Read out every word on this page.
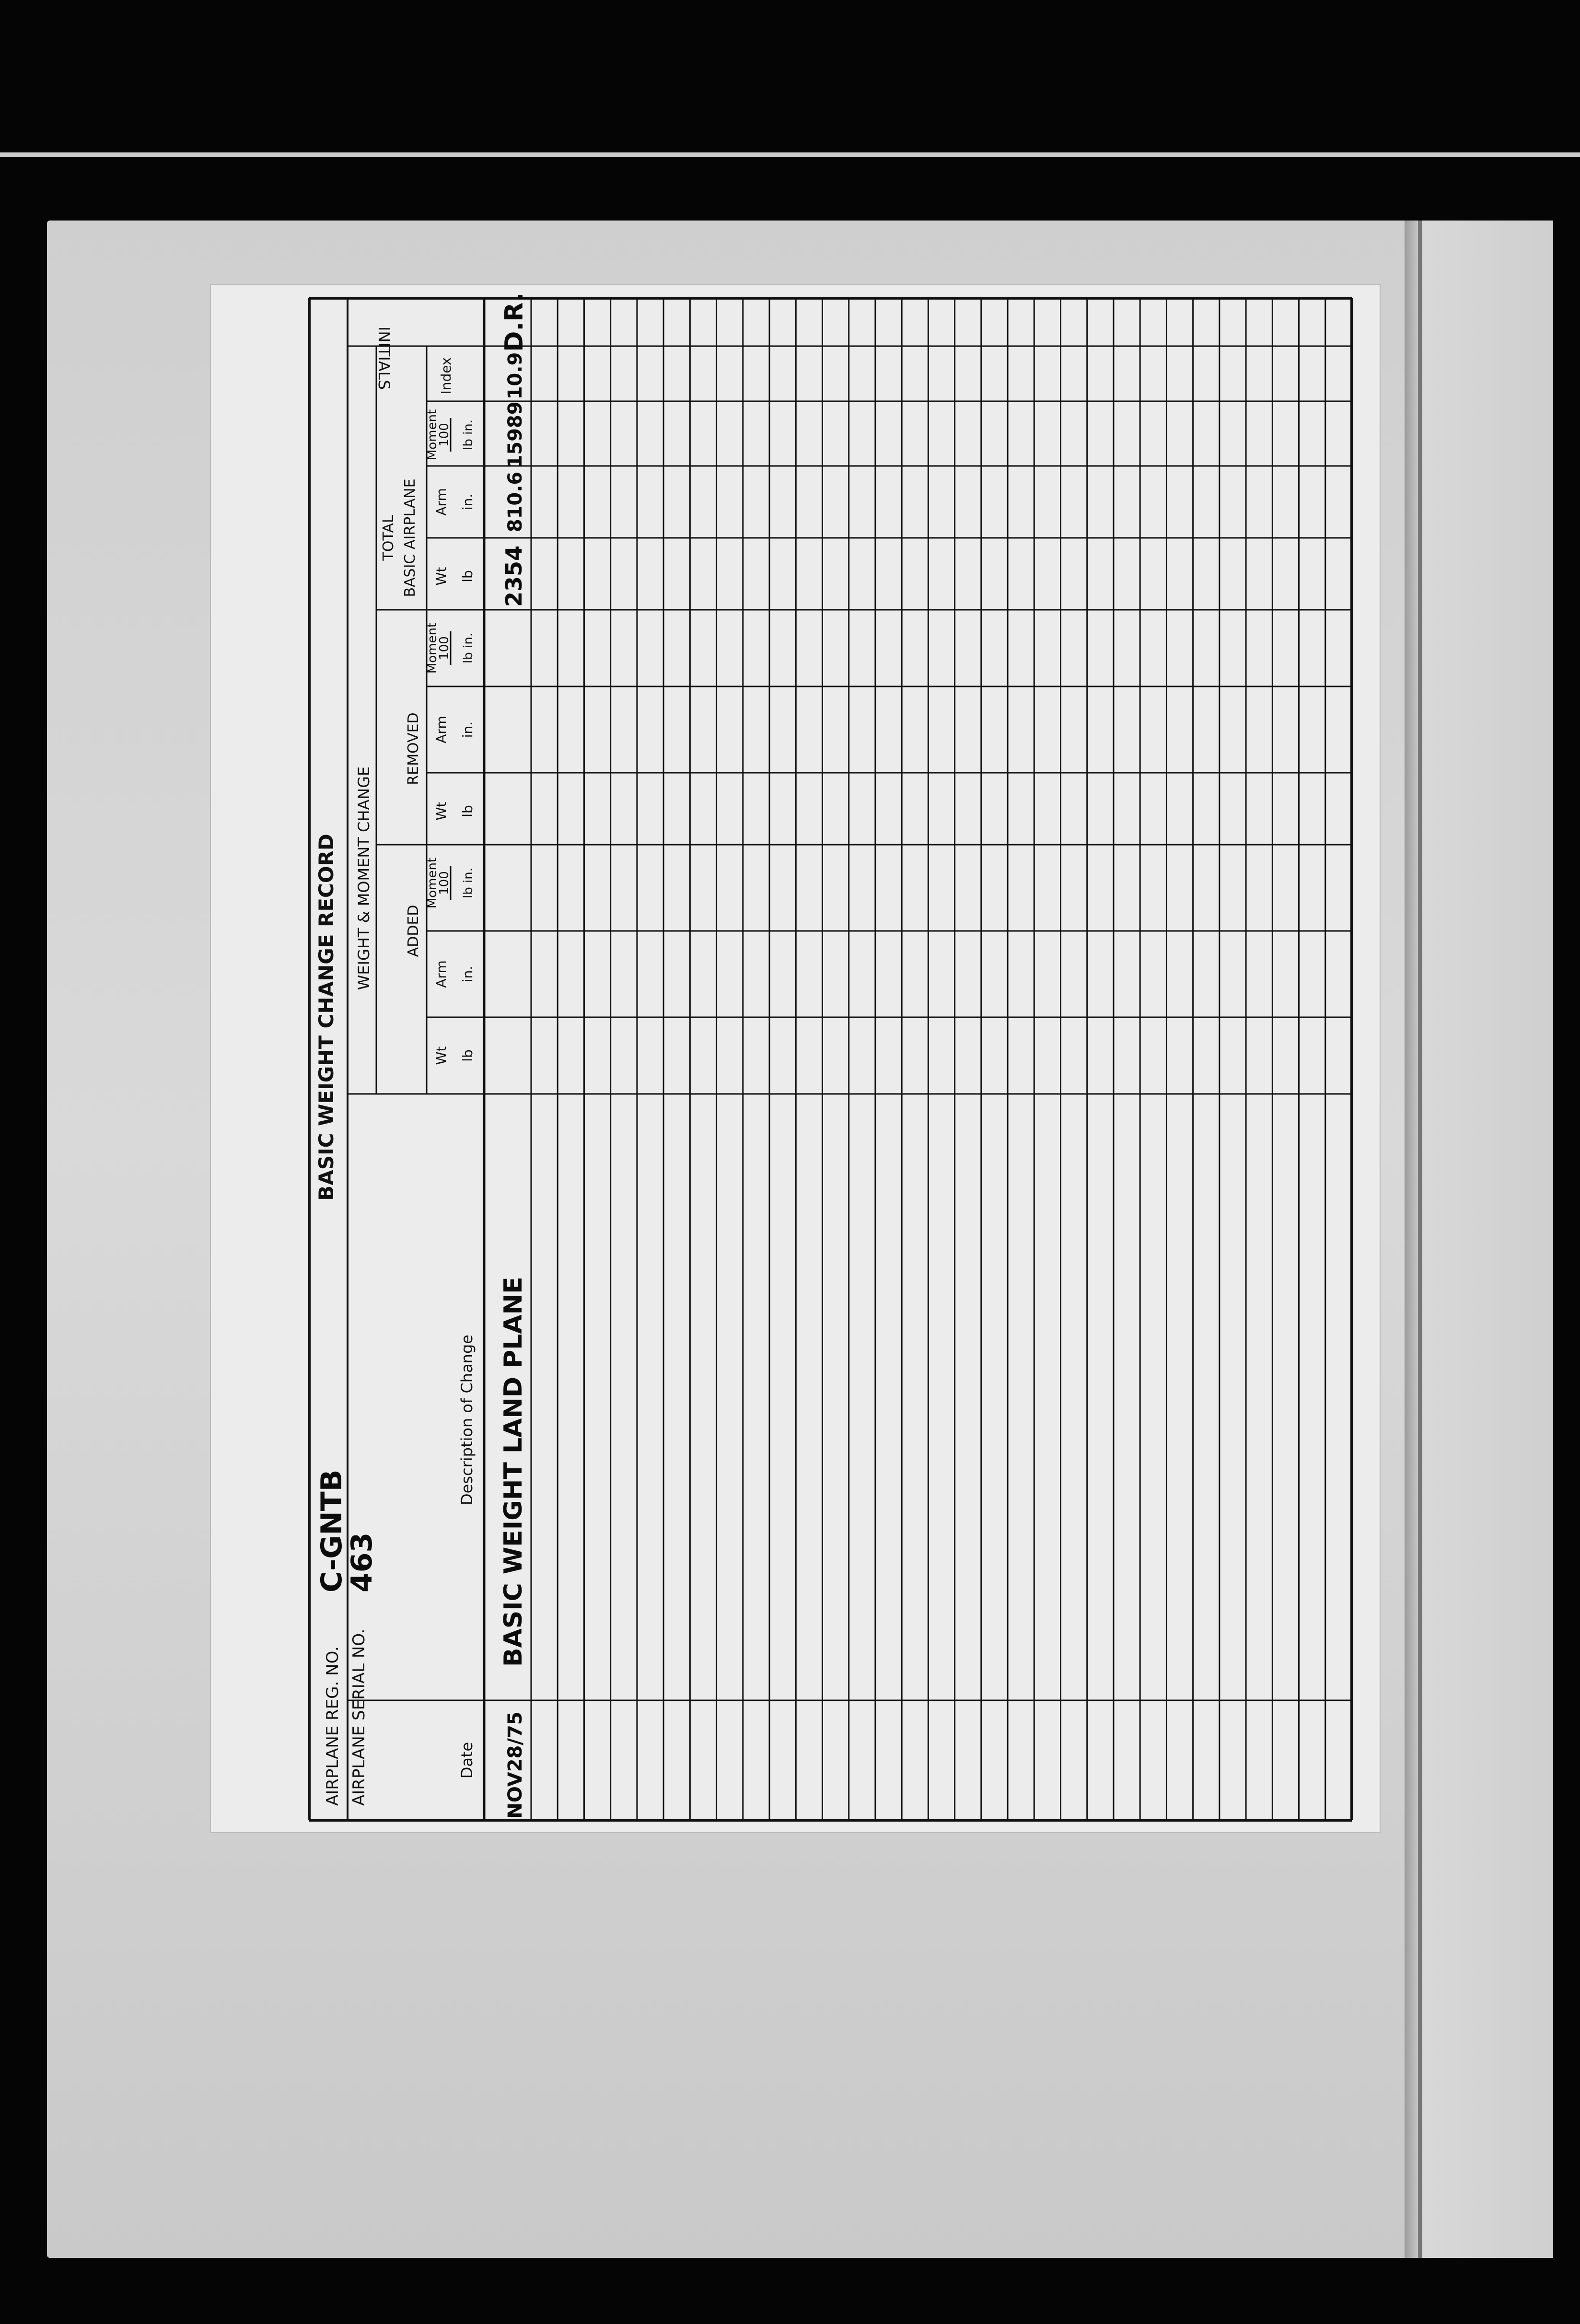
BASIC WEIGHT CHANGE RECORD WEIGHT & MOMENT CHANGE ADDED
REMOVED
TOTAL BASIC AIRPLANE
INITIALS
AIRPLANE REG. NO. AIRPLANE SERIAL NO.
C-GNTB
463
Date
Description of Change
Wt lb
Arm in.
Moment
100 lb in.
Wt lb
Arm in.
Moment
100 lb in.
Wt lb
Arm in.
Moment
100 lb in.
Index
NOV28/75
BASIC WEIGHT LAND PLANE
2354
810.6
15989
10.9
D.R.
